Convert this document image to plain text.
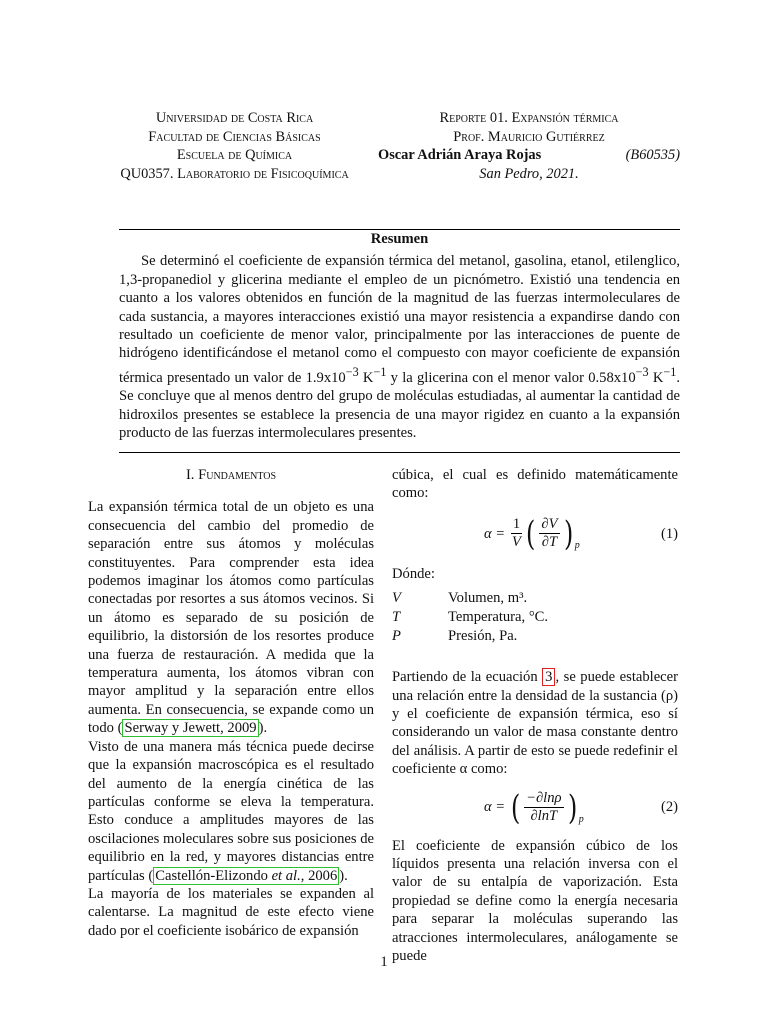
Universidad de Costa Rica
Facultad de Ciencias Básicas
Escuela de Química
QU0357. Laboratorio de Fisicoquímica
Reporte 01. Expansión térmica
Prof. Mauricio Gutiérrez
Oscar Adrián Araya Rojas	(B60535)
San Pedro, 2021.
Resumen

Se determinó el coeficiente de expansión térmica del metanol, gasolina, etanol, etilenglico, 1,3-propanediol y glicerina mediante el empleo de un picnómetro. Existió una tendencia en cuanto a los valores obtenidos en función de la magnitud de las fuerzas intermoleculares de cada sustancia, a mayores interacciones existió una mayor resistencia a expandirse dando con resultado un coeficiente de menor valor, principalmente por las interacciones de puente de hidrógeno identificándose el metanol como el compuesto con mayor coeficiente de expansión térmica presentado un valor de $1.9x10^{-3}$ $K^{-1}$ y la glicerina con el menor valor $0.58x10^{-3}$ $K^{-1}$. Se concluye que al menos dentro del grupo de moléculas estudiadas, al aumentar la cantidad de hidroxilos presentes se establece la presencia de una mayor rigidez en cuanto a la expansión producto de las fuerzas intermoleculares presentes.

I. Fundamentos

La expansión térmica total de un objeto es una consecuencia del cambio del promedio de separación entre sus átomos y moléculas constituyentes. Para comprender esta idea podemos imaginar los átomos como partículas conectadas por resortes a sus átomos vecinos. Si un átomo es separado de su posición de equilibrio, la distorsión de los resortes produce una fuerza de restauración. A medida que la temperatura aumenta, los átomos vibran con mayor amplitud y la separación entre ellos aumenta. En consecuencia, se expande como un todo ( Serway y Jewett, 2009 ).

Visto de una manera más técnica puede decirse que la expansión macroscópica es el resultado del aumento de la energía cinética de las partículas conforme se eleva la temperatura. Esto conduce a amplitudes mayores de las oscilaciones moleculares sobre sus posiciones de equilibrio en la red, y mayores distancias entre partículas ( Castellón-Elizondo et al., 2006 ).

La mayoría de los materiales se expanden al calentarse. La magnitud de este efecto viene dado por el coeficiente isobárico de expansión

cúbica, el cual es definido matemáticamente como:

α =
$\frac{1}{V}$ ( $\frac{\partial V}{\partial T}$ ) p
(1)

Dónde:

V	Volumen, m³.
T	Temperatura, °C.
P	Presión, Pa.

Partiendo de la ecuación 3 , se puede establecer una relación entre la densidad de la sustancia (ρ) y el coeficiente de expansión térmica, eso sí considerando un valor de masa constante dentro del análisis. A partir de esto se puede redefinir el coeficiente α como:

α =
( $\frac{-\partial\ln\rho}{\partial\ln T}$ ) p
(2)

El coeficiente de expansión cúbico de los líquidos presenta una relación inversa con el valor de su entalpía de vaporización. Esta propiedad se define como la energía necesaria para separar la moléculas superando las atracciones intermoleculares, análogamente se puede

1
